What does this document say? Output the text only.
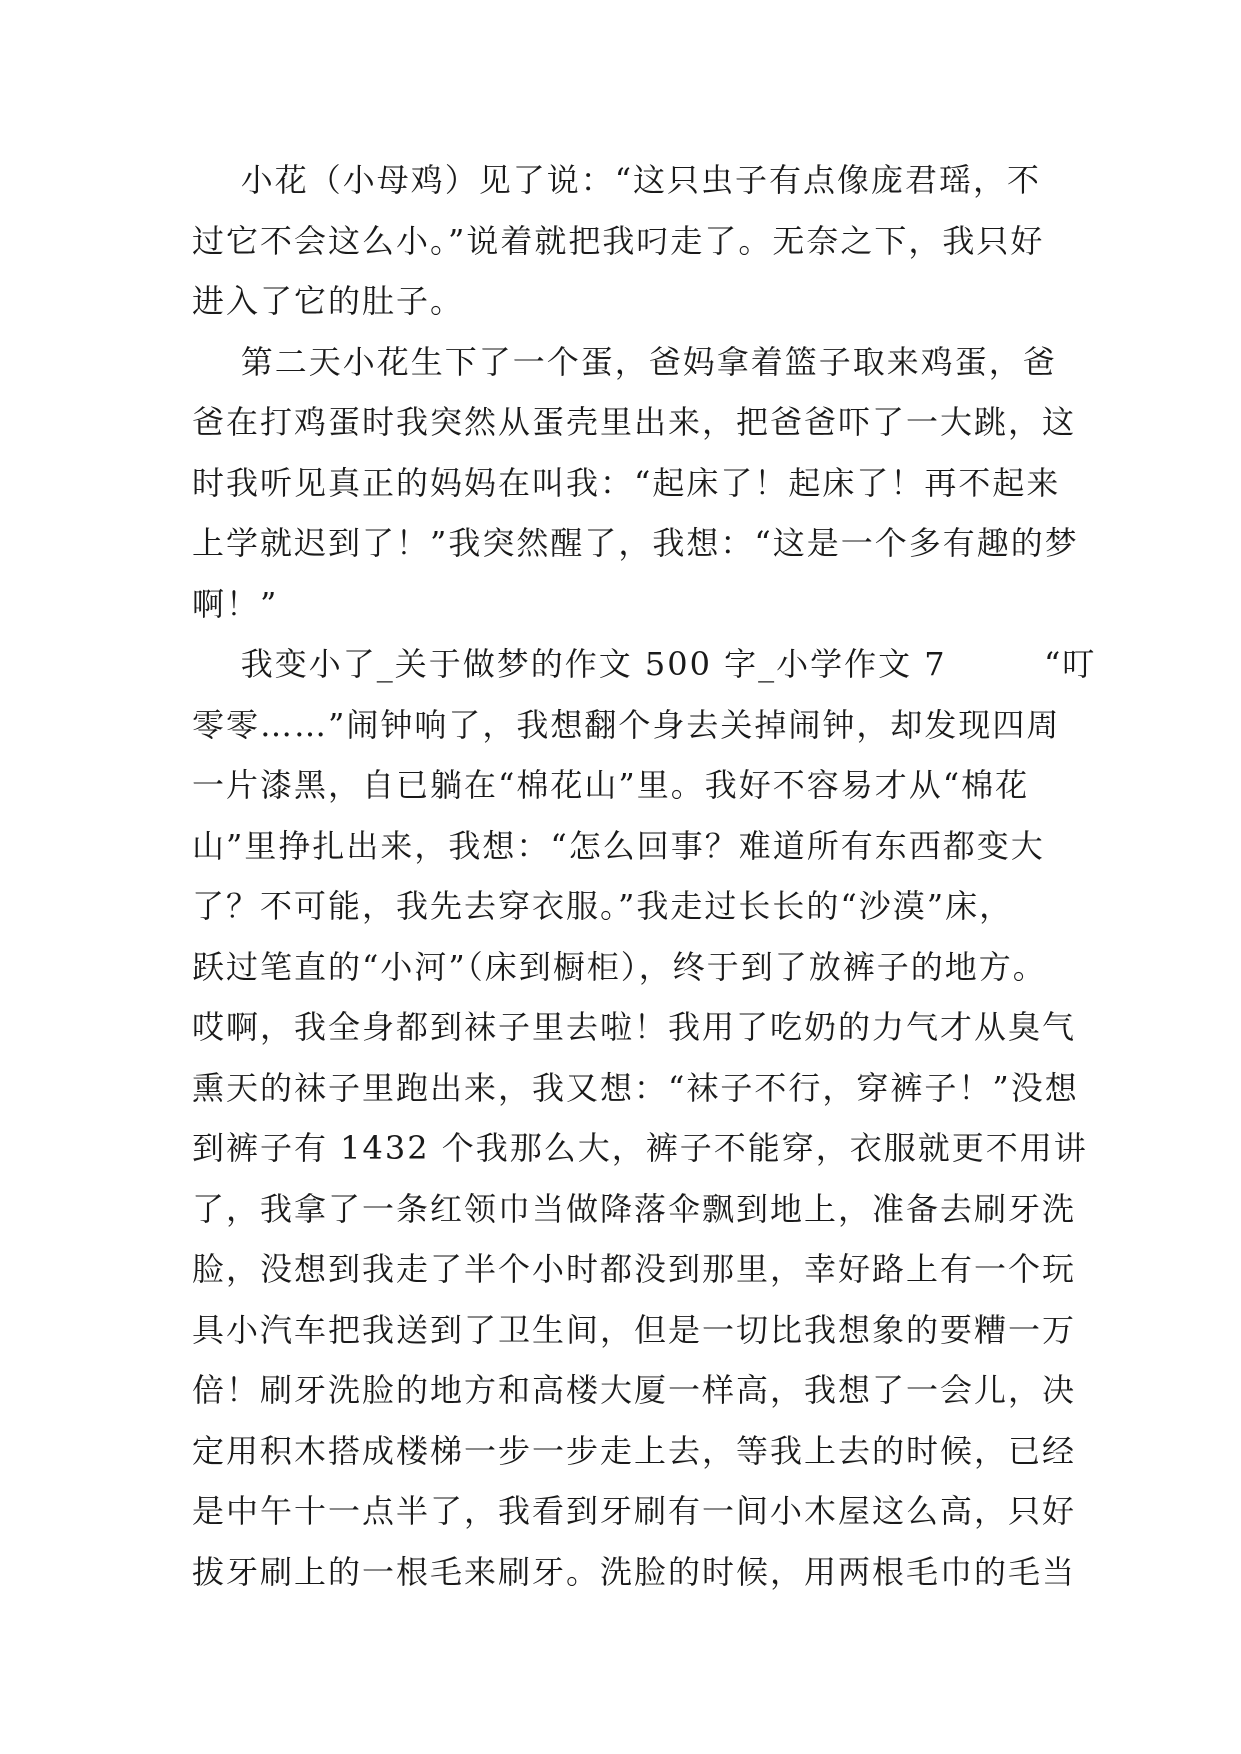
小花（小母鸡）见了说：“这只虫子有点像庞君瑶，不
过它不会这么小。”说着就把我叼走了。无奈之下，我只好
进入了它的肚子。
第二天小花生下了一个蛋，爸妈拿着篮子取来鸡蛋，爸
爸在打鸡蛋时我突然从蛋壳里出来，把爸爸吓了一大跳，这
时我听见真正的妈妈在叫我：“起床了！起床了！再不起来
上学就迟到了！”我突然醒了，我想：“这是一个多有趣的梦
啊！”
我变小了_关于做梦的作文 500 字_小学作文 7        “叮
零零……”闹钟响了，我想翻个身去关掉闹钟，却发现四周
一片漆黑，自已躺在“棉花山”里。我好不容易才从“棉花
山”里挣扎出来，我想：“怎么回事？难道所有东西都变大
了？不可能，我先去穿衣服。”我走过长长的“沙漠”床，
跃过笔直的“小河”（床到橱柜），终于到了放裤子的地方。
哎啊，我全身都到袜子里去啦！我用了吃奶的力气才从臭气
熏天的袜子里跑出来，我又想：“袜子不行，穿裤子！”没想
到裤子有 1432 个我那么大，裤子不能穿，衣服就更不用讲
了，我拿了一条红领巾当做降落伞飘到地上，准备去刷牙洗
脸，没想到我走了半个小时都没到那里，幸好路上有一个玩
具小汽车把我送到了卫生间，但是一切比我想象的要糟一万
倍！刷牙洗脸的地方和高楼大厦一样高，我想了一会儿，决
定用积木搭成楼梯一步一步走上去，等我上去的时候，已经
是中午十一点半了，我看到牙刷有一间小木屋这么高，只好
拔牙刷上的一根毛来刷牙。洗脸的时候，用两根毛巾的毛当
